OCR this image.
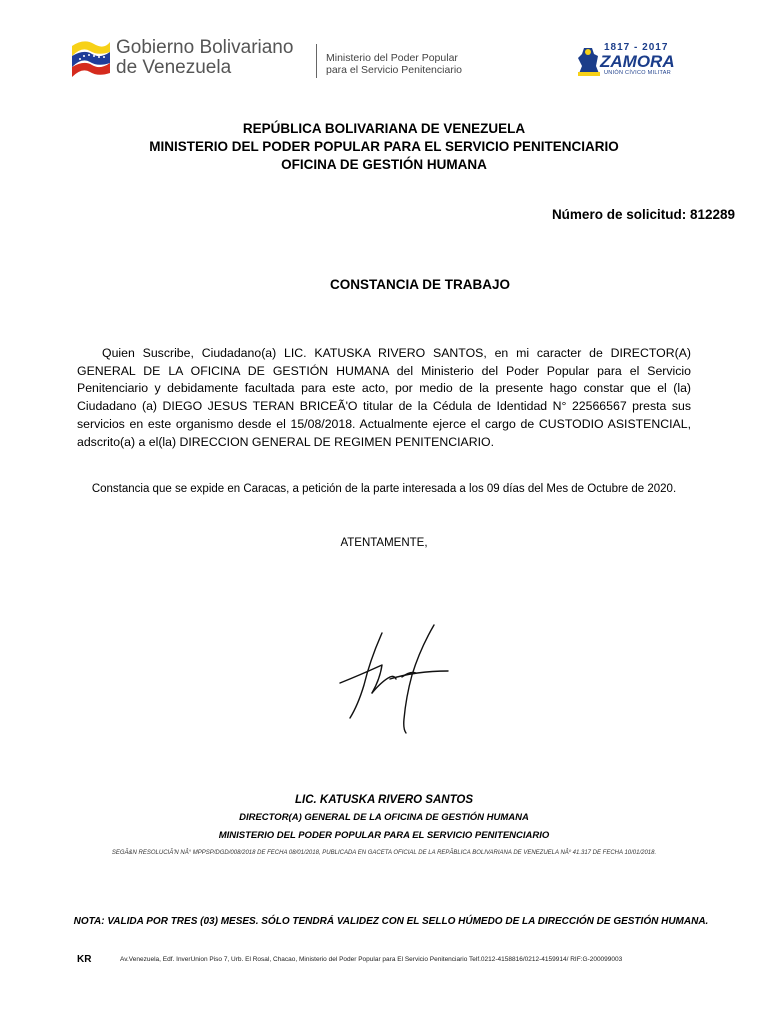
Gobierno Bolivariano
de Venezuela	Ministerio del Poder Popular
para el Servicio Penitenciario
1817 - 2017
ZAMORA
UNIÓN CÍVICO MILITAR
REPÚBLICA BOLIVARIANA DE VENEZUELA
MINISTERIO DEL PODER POPULAR PARA EL SERVICIO PENITENCIARIO
OFICINA DE GESTIÓN HUMANA
Número de solicitud: 812289
CONSTANCIA DE TRABAJO
Quien Suscribe, Ciudadano(a) LIC. KATUSKA RIVERO SANTOS, en mi caracter de DIRECTOR(A) GENERAL DE LA OFICINA DE GESTIÓN HUMANA del Ministerio del Poder Popular para el Servicio Penitenciario y debidamente facultada para este acto, por medio de la presente hago constar que el (la) Ciudadano (a) DIEGO JESUS TERAN BRICEÃ'O titular de la Cédula de Identidad N° 22566567 presta sus servicios en este organismo desde el 15/08/2018. Actualmente ejerce el cargo de CUSTODIO ASISTENCIAL, adscrito(a) a el(la) DIRECCION GENERAL DE REGIMEN PENITENCIARIO.
Constancia que se expide en Caracas, a petición de la parte interesada a los 09 días del Mes de Octubre de 2020.
ATENTAMENTE,
LIC. KATUSKA RIVERO SANTOS
DIRECTOR(A) GENERAL DE LA OFICINA DE GESTIÓN HUMANA
MINISTERIO DEL PODER POPULAR PARA EL SERVICIO PENITENCIARIO
SEGÃ&N RESOLUCIÃ'N NÂ° MPPSP/DGD/008/2018 DE FECHA 08/01/2018, PUBLICADA EN GACETA OFICIAL DE LA REPÃBLICA BOLIVARIANA DE VENEZUELA NÂº 41.317 DE FECHA 10/01/2018.
NOTA: VALIDA POR TRES (03) MESES. SÓLO TENDRÁ VALIDEZ CON EL SELLO HÚMEDO DE LA DIRECCIÓN DE GESTIÓN HUMANA.
KR	Av.Venezuela, Edf. InverUnion Piso 7, Urb. El Rosal, Chacao, Ministerio del Poder Popular para El Servicio Penitenciario Telf.0212-4158816/0212-4159914/ RIF:G-200099003
